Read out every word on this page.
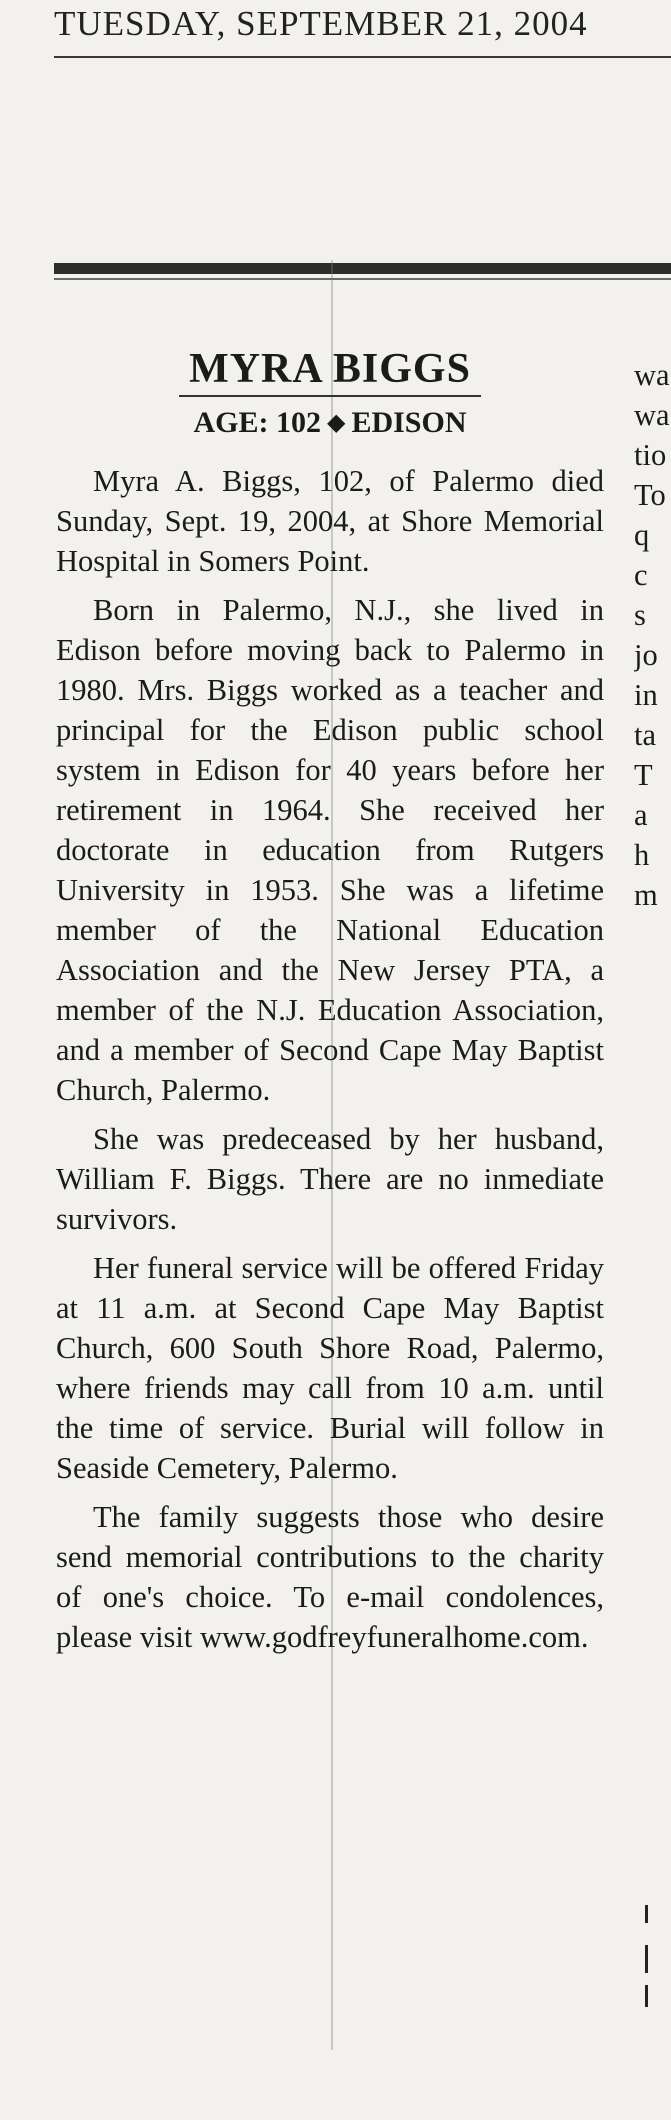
TUESDAY, SEPTEMBER 21, 2004
MYRA BIGGS
AGE: 102 ◆ EDISON

Myra A. Biggs, 102, of Palermo died Sunday, Sept. 19, 2004, at Shore Memorial Hospital in Somers Point.

Born in Palermo, N.J., she lived in Edison before moving back to Palermo in 1980. Mrs. Biggs worked as a teacher and principal for the Edison public school system in Edison for 40 years before her retirement in 1964. She received her doctorate in education from Rutgers University in 1953. She was a lifetime member of the National Education Association and the New Jersey PTA, a member of the N.J. Education Association, and a member of Second Cape May Baptist Church, Palermo.

She was predeceased by her husband, William F. Biggs. There are no inmediate survivors.

Her funeral service will be offered Friday at 11 a.m. at Second Cape May Baptist Church, 600 South Shore Road, Palermo, where friends may call from 10 a.m. until the time of service. Burial will follow in Seaside Cemetery, Palermo.

The family suggests those who desire send memorial contributions to the charity of one's choice. To e-mail condolences, please visit www.godfreyfuneralhome.com.

wa
wa
tio
To
q
c
s
jo
in
ta
T
a
h
m
